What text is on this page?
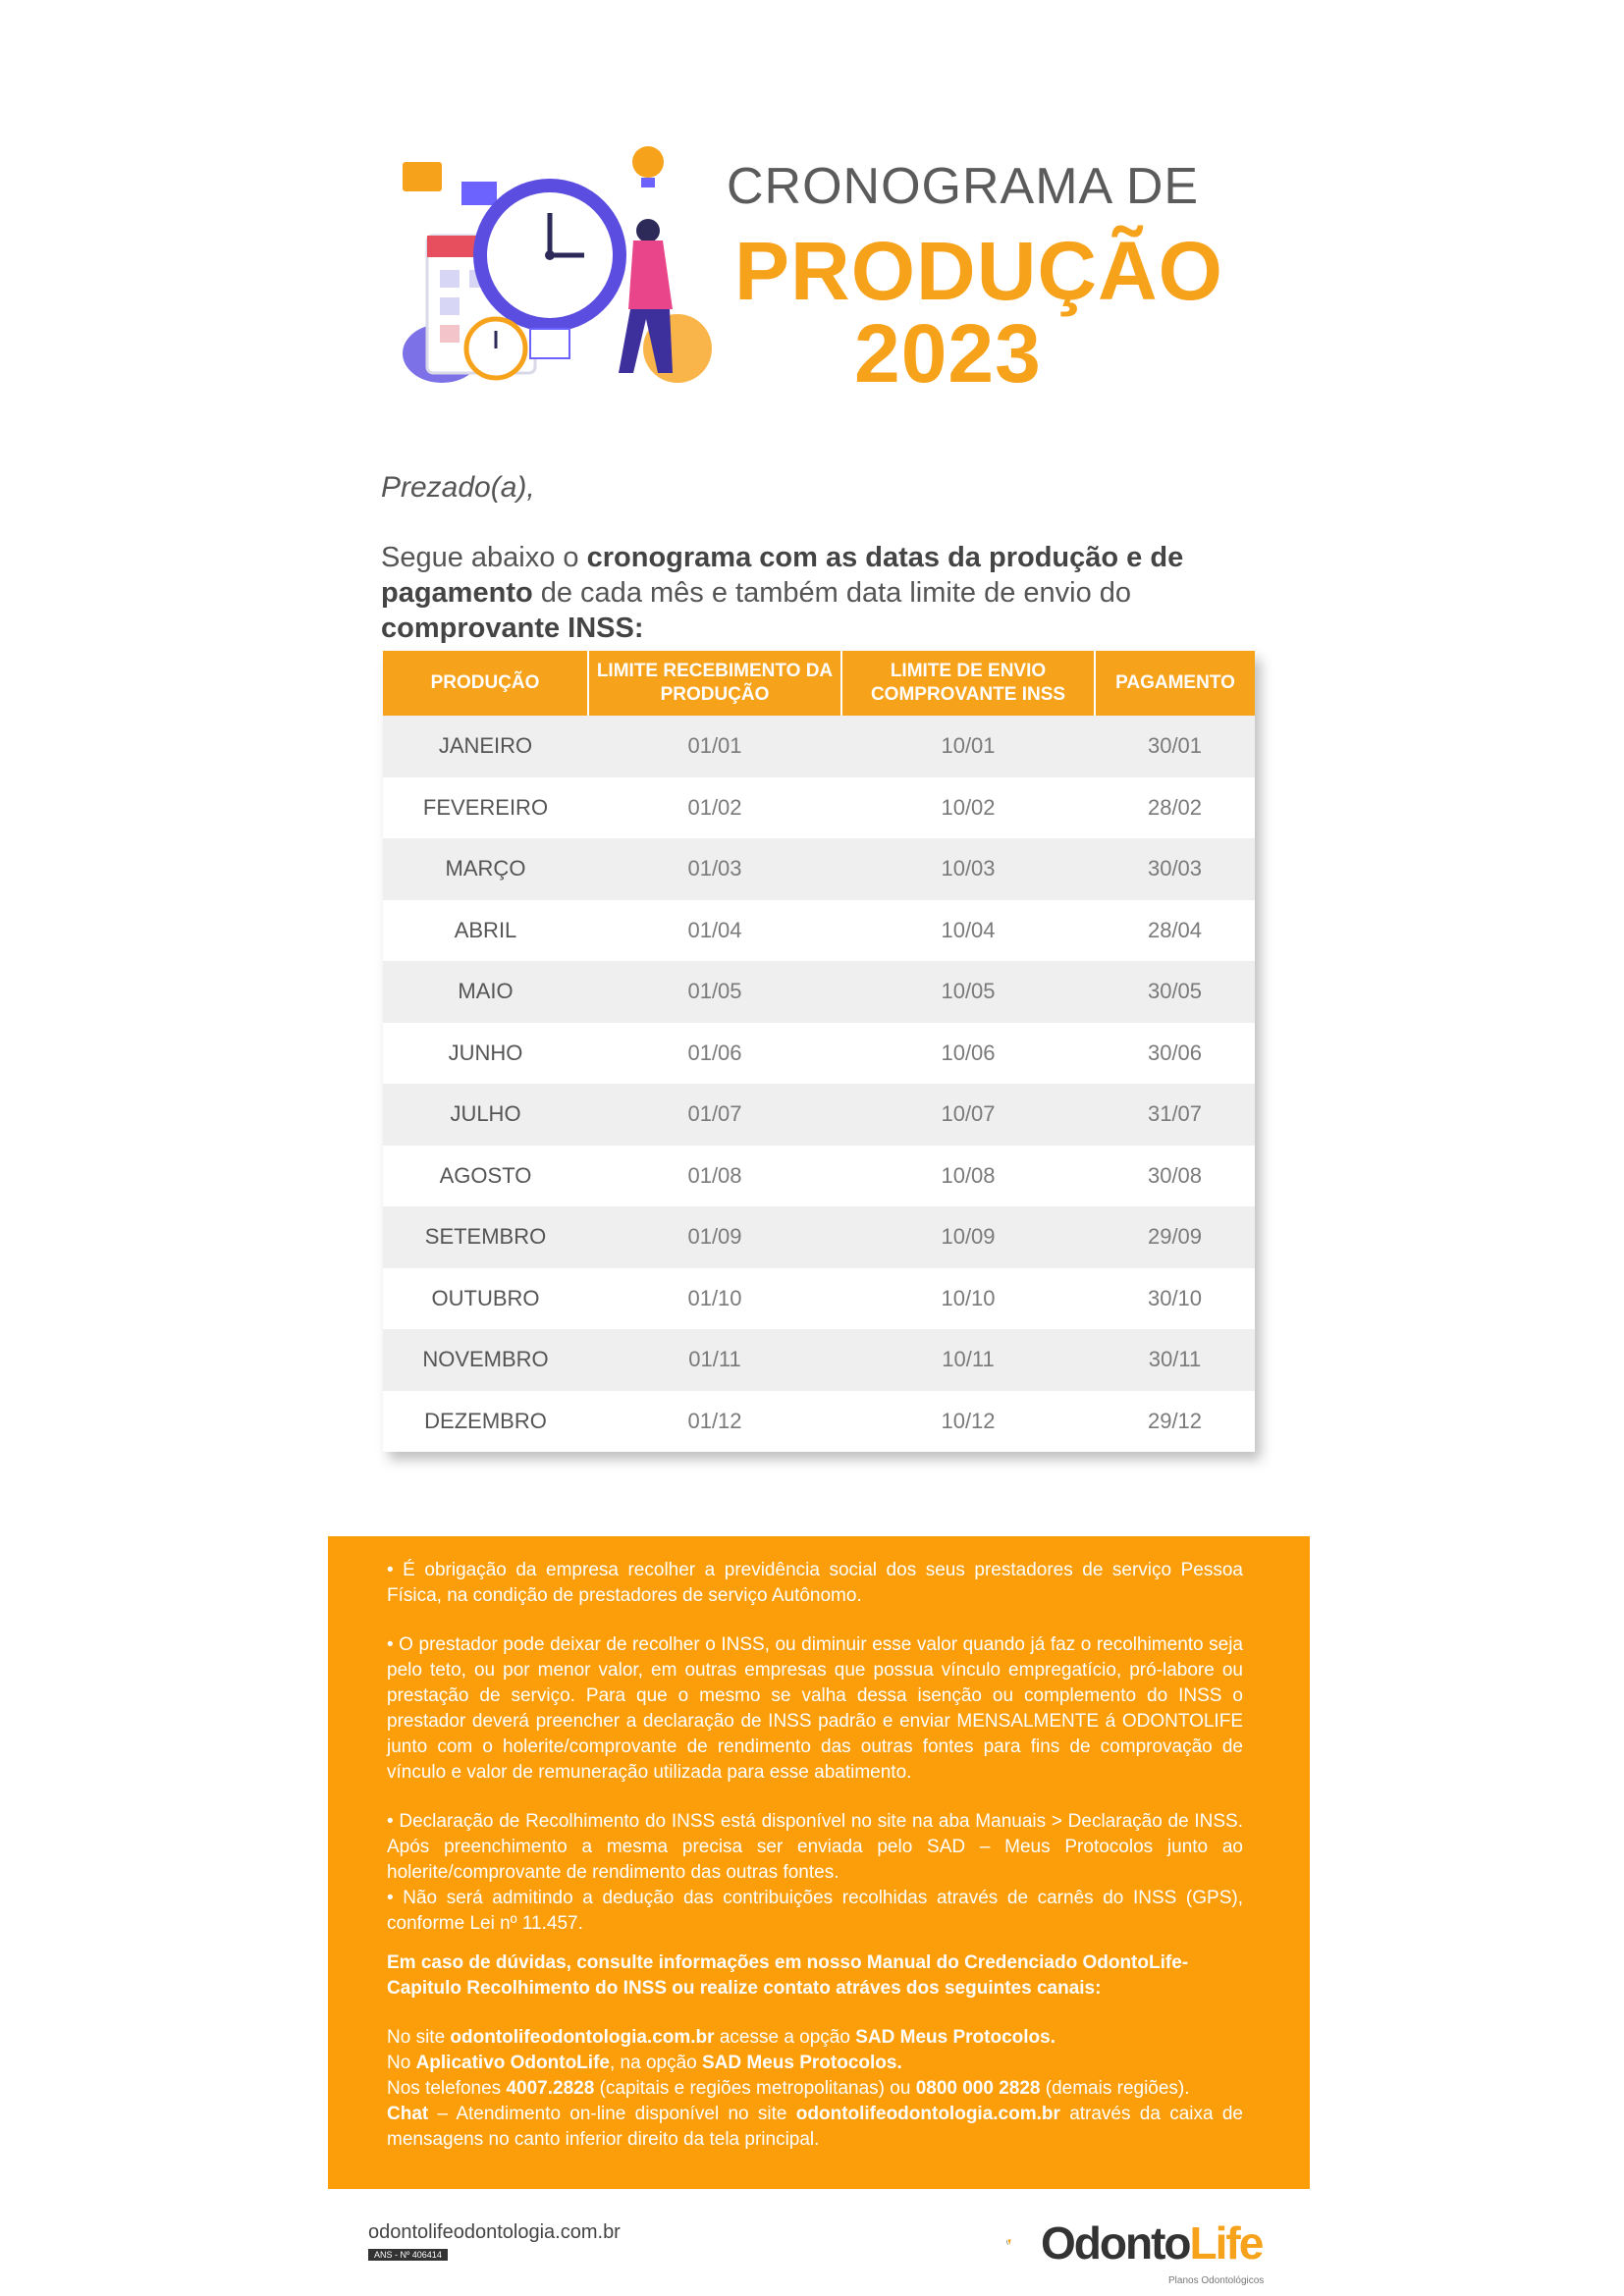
CRONOGRAMA DE
PRODUÇÃO
2023
Prezado(a),
Segue abaixo o cronograma com as datas da produção e de pagamento de cada mês e também data limite de envio do comprovante INSS:
PRODUÇÃO	LIMITE RECEBIMENTO DA PRODUÇÃO	LIMITE DE ENVIO COMPROVANTE INSS	PAGAMENTO
JANEIRO	01/01	10/01	30/01
FEVEREIRO	01/02	10/02	28/02
MARÇO	01/03	10/03	30/03
ABRIL	01/04	10/04	28/04
MAIO	01/05	10/05	30/05
JUNHO	01/06	10/06	30/06
JULHO	01/07	10/07	31/07
AGOSTO	01/08	10/08	30/08
SETEMBRO	01/09	10/09	29/09
OUTUBRO	01/10	10/10	30/10
NOVEMBRO	01/11	10/11	30/11
DEZEMBRO	01/12	10/12	29/12

• É obrigação da empresa recolher a previdência social dos seus prestadores de serviço Pessoa Física, na condição de prestadores de serviço Autônomo.

• O prestador pode deixar de recolher o INSS, ou diminuir esse valor quando já faz o recolhimento seja pelo teto, ou por menor valor, em outras empresas que possua vínculo empregatício, pró-labore ou prestação de serviço. Para que o mesmo se valha dessa isenção ou complemento do INSS o prestador deverá preencher a declaração de INSS padrão e enviar MENSALMENTE á ODONTOLIFE junto com o holerite/comprovante de rendimento das outras fontes para fins de comprovação de vínculo e valor de remuneração utilizada para esse abatimento.

• Declaração de Recolhimento do INSS está disponível no site na aba Manuais > Declaração de INSS. Após preenchimento a mesma precisa ser enviada pelo SAD – Meus Protocolos junto ao holerite/comprovante de rendimento das outras fontes.

• Não será admitindo a dedução das contribuições recolhidas através de carnês do INSS (GPS), conforme Lei nº 11.457.

Em caso de dúvidas, consulte informações em nosso Manual do Credenciado OdontoLife- Capitulo Recolhimento do INSS ou realize contato atráves dos seguintes canais:

No site odontolifeodontologia.com.br acesse a opção SAD Meus Protocolos.

No Aplicativo OdontoLife, na opção SAD Meus Protocolos.

Nos telefones 4007.2828 (capitais e regiões metropolitanas) ou 0800 000 2828 (demais regiões).

Chat – Atendimento on-line disponível no site odontolifeodontologia.com.br através da caixa de mensagens no canto inferior direito da tela principal.

odontolifeodontologia.com.br
ANS - Nº 406414	OdontoLife
Planos Odontológicos
